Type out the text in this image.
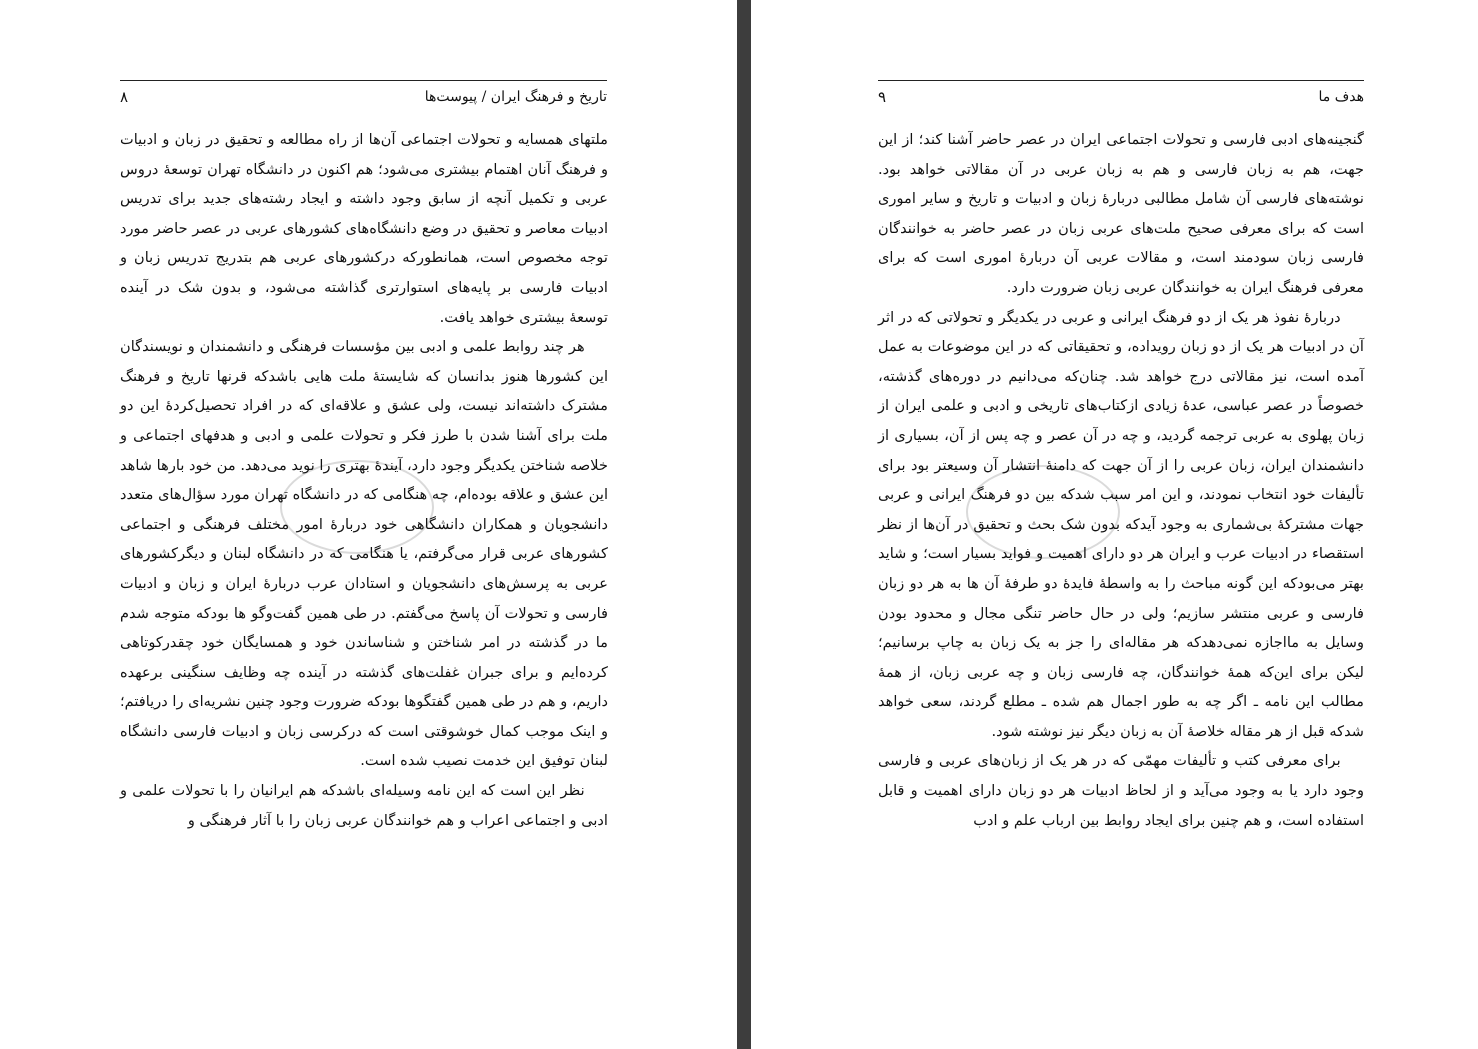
۸	تاریخ و فرهنگ ایران / پیوست‌ها

ملتهای همسایه و تحولات اجتماعی آن‌ها از راه مطالعه و تحقیق در زبان و ادبیات و فرهنگ آنان اهتمام بیشتری می‌شود؛ هم اکنون در دانشگاه تهران توسعهٔ دروس عربی و تکمیل آنچه از سابق وجود داشته و ایجاد رشته‌های جدید برای تدریس ادبیات معاصر و تحقیق در وضع دانشگاه‌های کشورهای عربی در عصر حاضر مورد توجه مخصوص است، همانطورکه درکشورهای عربی هم بتدریج تدریس زبان و ادبیات فارسی بر پایه‌های استوارتری گذاشته می‌شود، و بدون شک در آینده توسعهٔ بیشتری خواهد یافت.

هر چند روابط علمی و ادبی بین مؤسسات فرهنگی و دانشمندان و نویسندگان این کشورها هنوز بدانسان که شایستهٔ ملت هایی باشدکه قرنها تاریخ و فرهنگ مشترک داشته‌اند نیست، ولی عشق و علاقه‌ای که در افراد تحصیل‌کردهٔ این دو ملت برای آشنا شدن با طرز فکر و تحولات علمی و ادبی و هدفهای اجتماعی و خلاصه شناختن یکدیگر وجود دارد، آیندهٔ بهتری را نوید می‌دهد. من خود بارها شاهد این عشق و علاقه بوده‌ام، چه هنگامی که در دانشگاه تهران مورد سؤال‌های متعدد دانشجویان و همکاران دانشگاهی خود دربارهٔ امور مختلف فرهنگی و اجتماعی کشورهای عربی قرار می‌گرفتم، یا هنگامی که در دانشگاه لبنان و دیگرکشورهای عربی به پرسش‌های دانشجویان و استادان عرب دربارهٔ ایران و زبان و ادبیات فارسی و تحولات آن پاسخ می‌گفتم. در طی همین گفت‌وگو ها بودکه متوجه شدم ما در گذشته در امر شناختن و شناساندن خود و همسایگان خود چقدرکوتاهی کرده‌ایم و برای جبران غفلت‌های گذشته در آینده چه وظایف سنگینی برعهده داریم، و هم در طی همین گفتگوها بودکه ضرورت وجود چنین نشریه‌ای را دریافتم؛ و اینک موجب کمال خوشوقتی است که درکرسی زبان و ادبیات فارسی دانشگاه لبنان توفیق این خدمت نصیب شده است.

نظر این است که این نامه وسیله‌ای باشدکه هم ایرانیان را با تحولات علمی و ادبی و اجتماعی اعراب و هم خوانندگان عربی زبان را با آثار فرهنگی و

۹	هدف ما

گنجینه‌های ادبی فارسی و تحولات اجتماعی ایران در عصر حاضر آشنا کند؛ از این جهت، هم به زبان فارسی و هم به زبان عربی در آن مقالاتی خواهد بود. نوشته‌های فارسی آن شامل مطالبی دربارهٔ زبان و ادبیات و تاریخ و سایر اموری است که برای معرفی صحیح ملت‌های عربی زبان در عصر حاضر به خوانندگان فارسی زبان سودمند است، و مقالات عربی آن دربارهٔ اموری است که برای معرفی فرهنگ ایران به خوانندگان عربی زبان ضرورت دارد.

دربارهٔ نفوذ هر یک از دو فرهنگ ایرانی و عربی در یکدیگر و تحولاتی که در اثر آن در ادبیات هر یک از دو زبان رویداده، و تحقیقاتی که در این موضوعات به عمل آمده است، نیز مقالاتی درج خواهد شد. چنان‌که می‌دانیم در دوره‌های گذشته، خصوصاً در عصر عباسی، عدهٔ زیادی ازکتاب‌های تاریخی و ادبی و علمی ایران از زبان پهلوی به عربی ترجمه گردید، و چه در آن عصر و چه پس از آن، بسیاری از دانشمندان ایران، زبان عربی را از آن جهت که دامنهٔ انتشار آن وسیعتر بود برای تألیفات خود انتخاب نمودند، و این امر سبب شدکه بین دو فرهنگ ایرانی و عربی جهات مشترکهٔ بی‌شماری به وجود آیدکه بدون شک بحث و تحقیق در آن‌ها از نظر استقصاء در ادبیات عرب و ایران هر دو دارای اهمیت و فواید بسیار است؛ و شاید بهتر می‌بودکه این گونه مباحث را به واسطهٔ فایدهٔ دو طرفهٔ آن ها به هر دو زبان فارسی و عربی منتشر سازیم؛ ولی در حال حاضر تنگی مجال و محدود بودن وسایل به مااجازه نمی‌دهدکه هر مقاله‌ای را جز به یک زبان به چاپ برسانیم؛ لیکن برای این‌که همهٔ خوانندگان، چه فارسی زبان و چه عربی زبان، از همهٔ مطالب این نامه ـ اگر چه به طور اجمال هم شده ـ مطلع گردند، سعی خواهد شدکه قبل از هر مقاله خلاصهٔ آن به زبان دیگر نیز نوشته شود.

برای معرفی کتب و تألیفات مهمّی که در هر یک از زبان‌های عربی و فارسی وجود دارد یا به وجود می‌آید و از لحاظ ادبیات هر دو زبان دارای اهمیت و قابل استفاده است، و هم چنین برای ایجاد روابط بین ارباب علم و ادب
